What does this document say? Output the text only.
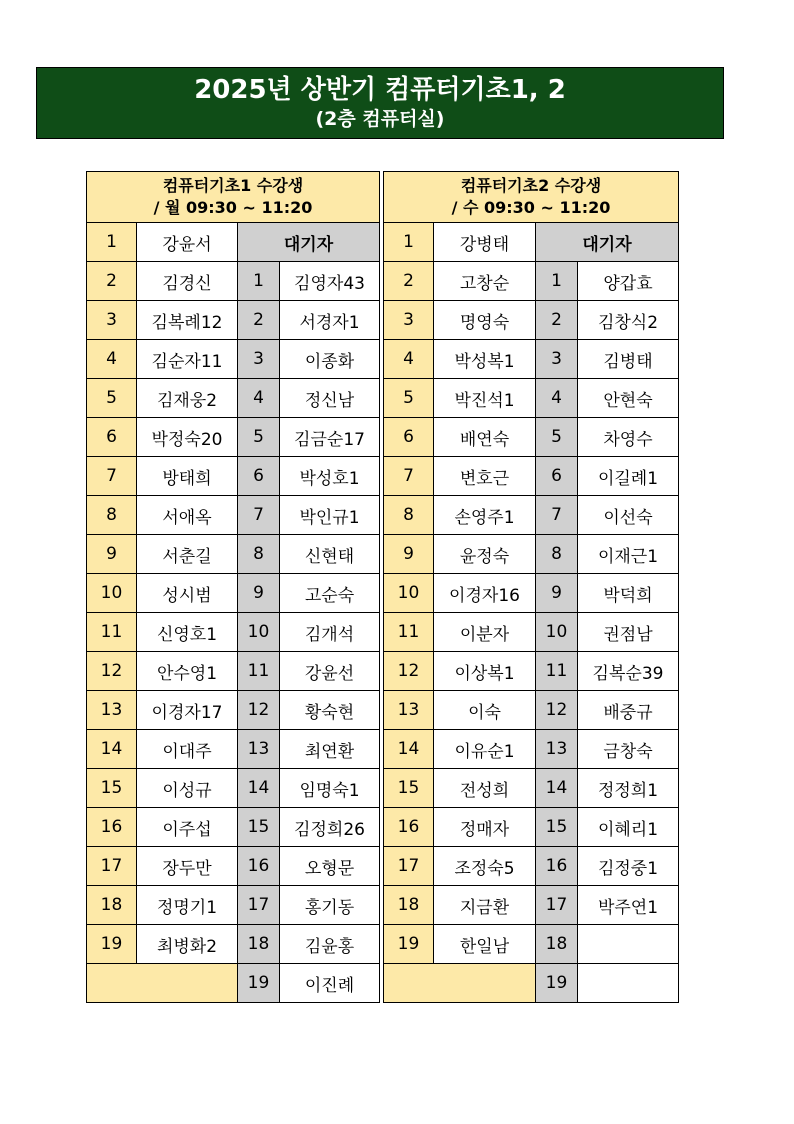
2025년 상반기 컴퓨터기초1, 2
(2층 컴퓨터실)
컴퓨터기초1 수강생
/ 월 09:30 ~ 11:20			

1	강윤서	대기자	
2	김경신	1	김영자43
3	김복례12	2	서경자1
4	김순자11	3	이종화
5	김재웅2	4	정신남
6	박정숙20	5	김금순17
7	방태희	6	박성호1
8	서애옥	7	박인규1
9	서춘길	8	신현태
10	성시범	9	고순숙
11	신영호1	10	김개석
12	안수영1	11	강윤선
13	이경자17	12	황숙현
14	이대주	13	최연환
15	이성규	14	임명숙1
16	이주섭	15	김정희26
17	장두만	16	오형문
18	정명기1	17	홍기동
19	최병화2	18	김윤홍
		19	이진례
컴퓨터기초2 수강생
/ 수 09:30 ~ 11:20			

1	강병태	대기자	
2	고창순	1	양갑효
3	명영숙	2	김창식2
4	박성복1	3	김병태
5	박진석1	4	안현숙
6	배연숙	5	차영수
7	변호근	6	이길례1
8	손영주1	7	이선숙
9	윤정숙	8	이재근1
10	이경자16	9	박덕희
11	이분자	10	권점남
12	이상복1	11	김복순39
13	이숙	12	배중규
14	이유순1	13	금창숙
15	전성희	14	정정희1
16	정매자	15	이혜리1
17	조정숙5	16	김정중1
18	지금환	17	박주연1
19	한일남	18	
		19	
